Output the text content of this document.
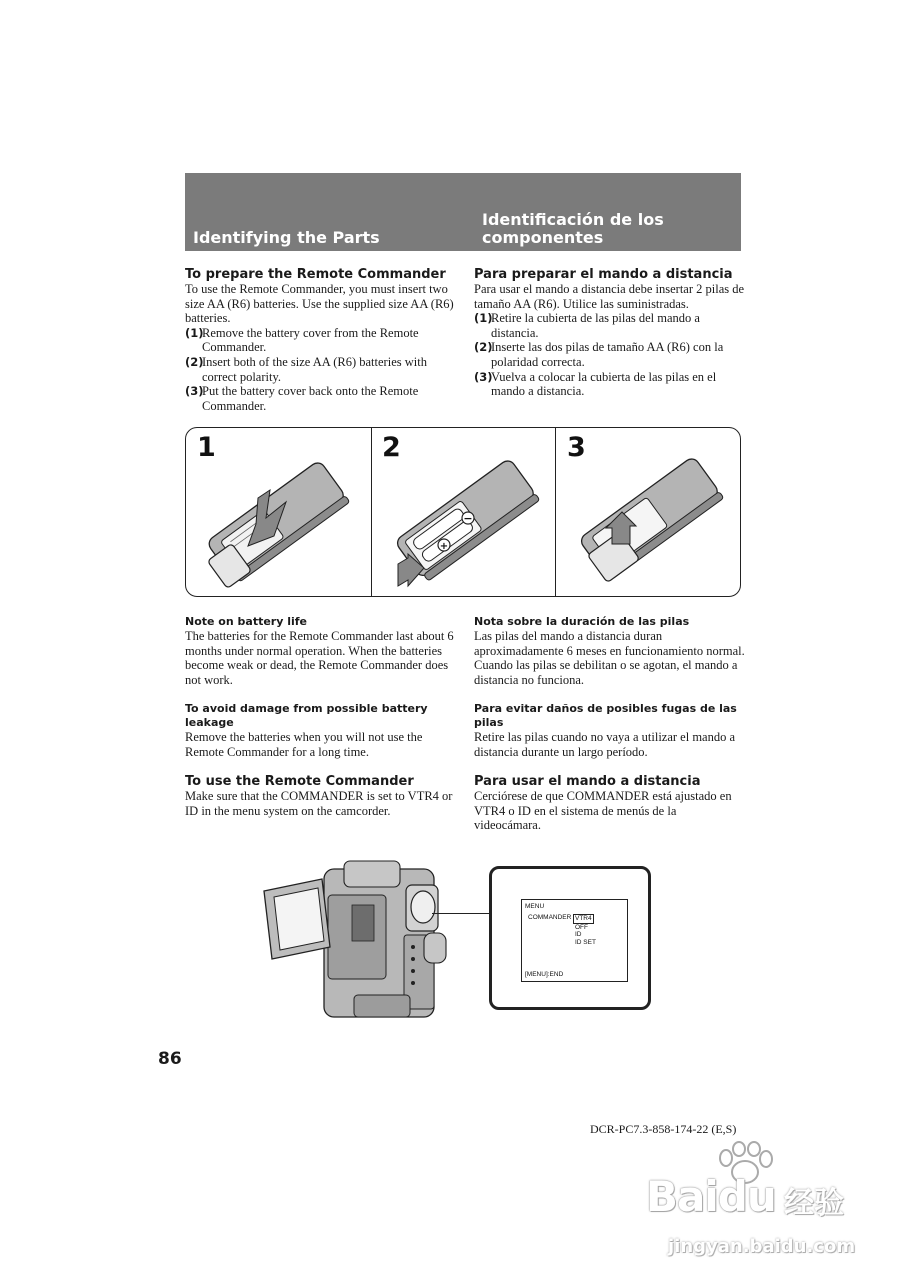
Identifying the Parts
Identificación de los componentes
To prepare the Remote Commander
To use the Remote Commander, you must insert two size AA (R6) batteries. Use the supplied size AA (R6) batteries.
(1)
Remove the battery cover from the Remote Commander.
(2)
Insert both of the size AA (R6) batteries with correct polarity.
(3)
Put the battery cover back onto the Remote Commander.
Para preparar el mando a distancia
Para usar el mando a distancia debe insertar 2 pilas de tamaño AA (R6). Utilice las suministradas.
(1)
Retire la cubierta de las pilas del mando a distancia.
(2)
Inserte las dos pilas de tamaño AA (R6) con la polaridad correcta.
(3)
Vuelva a colocar la cubierta de las pilas en el mando a distancia.
1	2	3
+
−
Note on battery life
The batteries for the Remote Commander last about 6 months under normal operation. When the batteries become weak or dead, the Remote Commander does not work.
To avoid damage from possible battery leakage
Remove the batteries when you will not use the Remote Commander for a long time.
To use the Remote Commander
Make sure that the COMMANDER is set to VTR4 or ID in the menu system on the camcorder.
Nota sobre la duración de las pilas
Las pilas del mando a distancia duran aproximadamente 6 meses en funcionamiento normal. Cuando las pilas se debilitan o se agotan, el mando a distancia no funciona.
Para evitar daños de posibles fugas de las pilas
Retire las pilas cuando no vaya a utilizar el mando a distancia durante un largo período.
Para usar el mando a distancia
Cerciórese de que COMMANDER está ajustado en VTR4 o ID en el sistema de menús de la videocámara.
MENU
COMMANDER VTR4
OFF
ID
ID SET
[MENU]:END
86
DCR-PC7.3-858-174-22 (E,S)
Baidu 经验
jingyan.baidu.com
